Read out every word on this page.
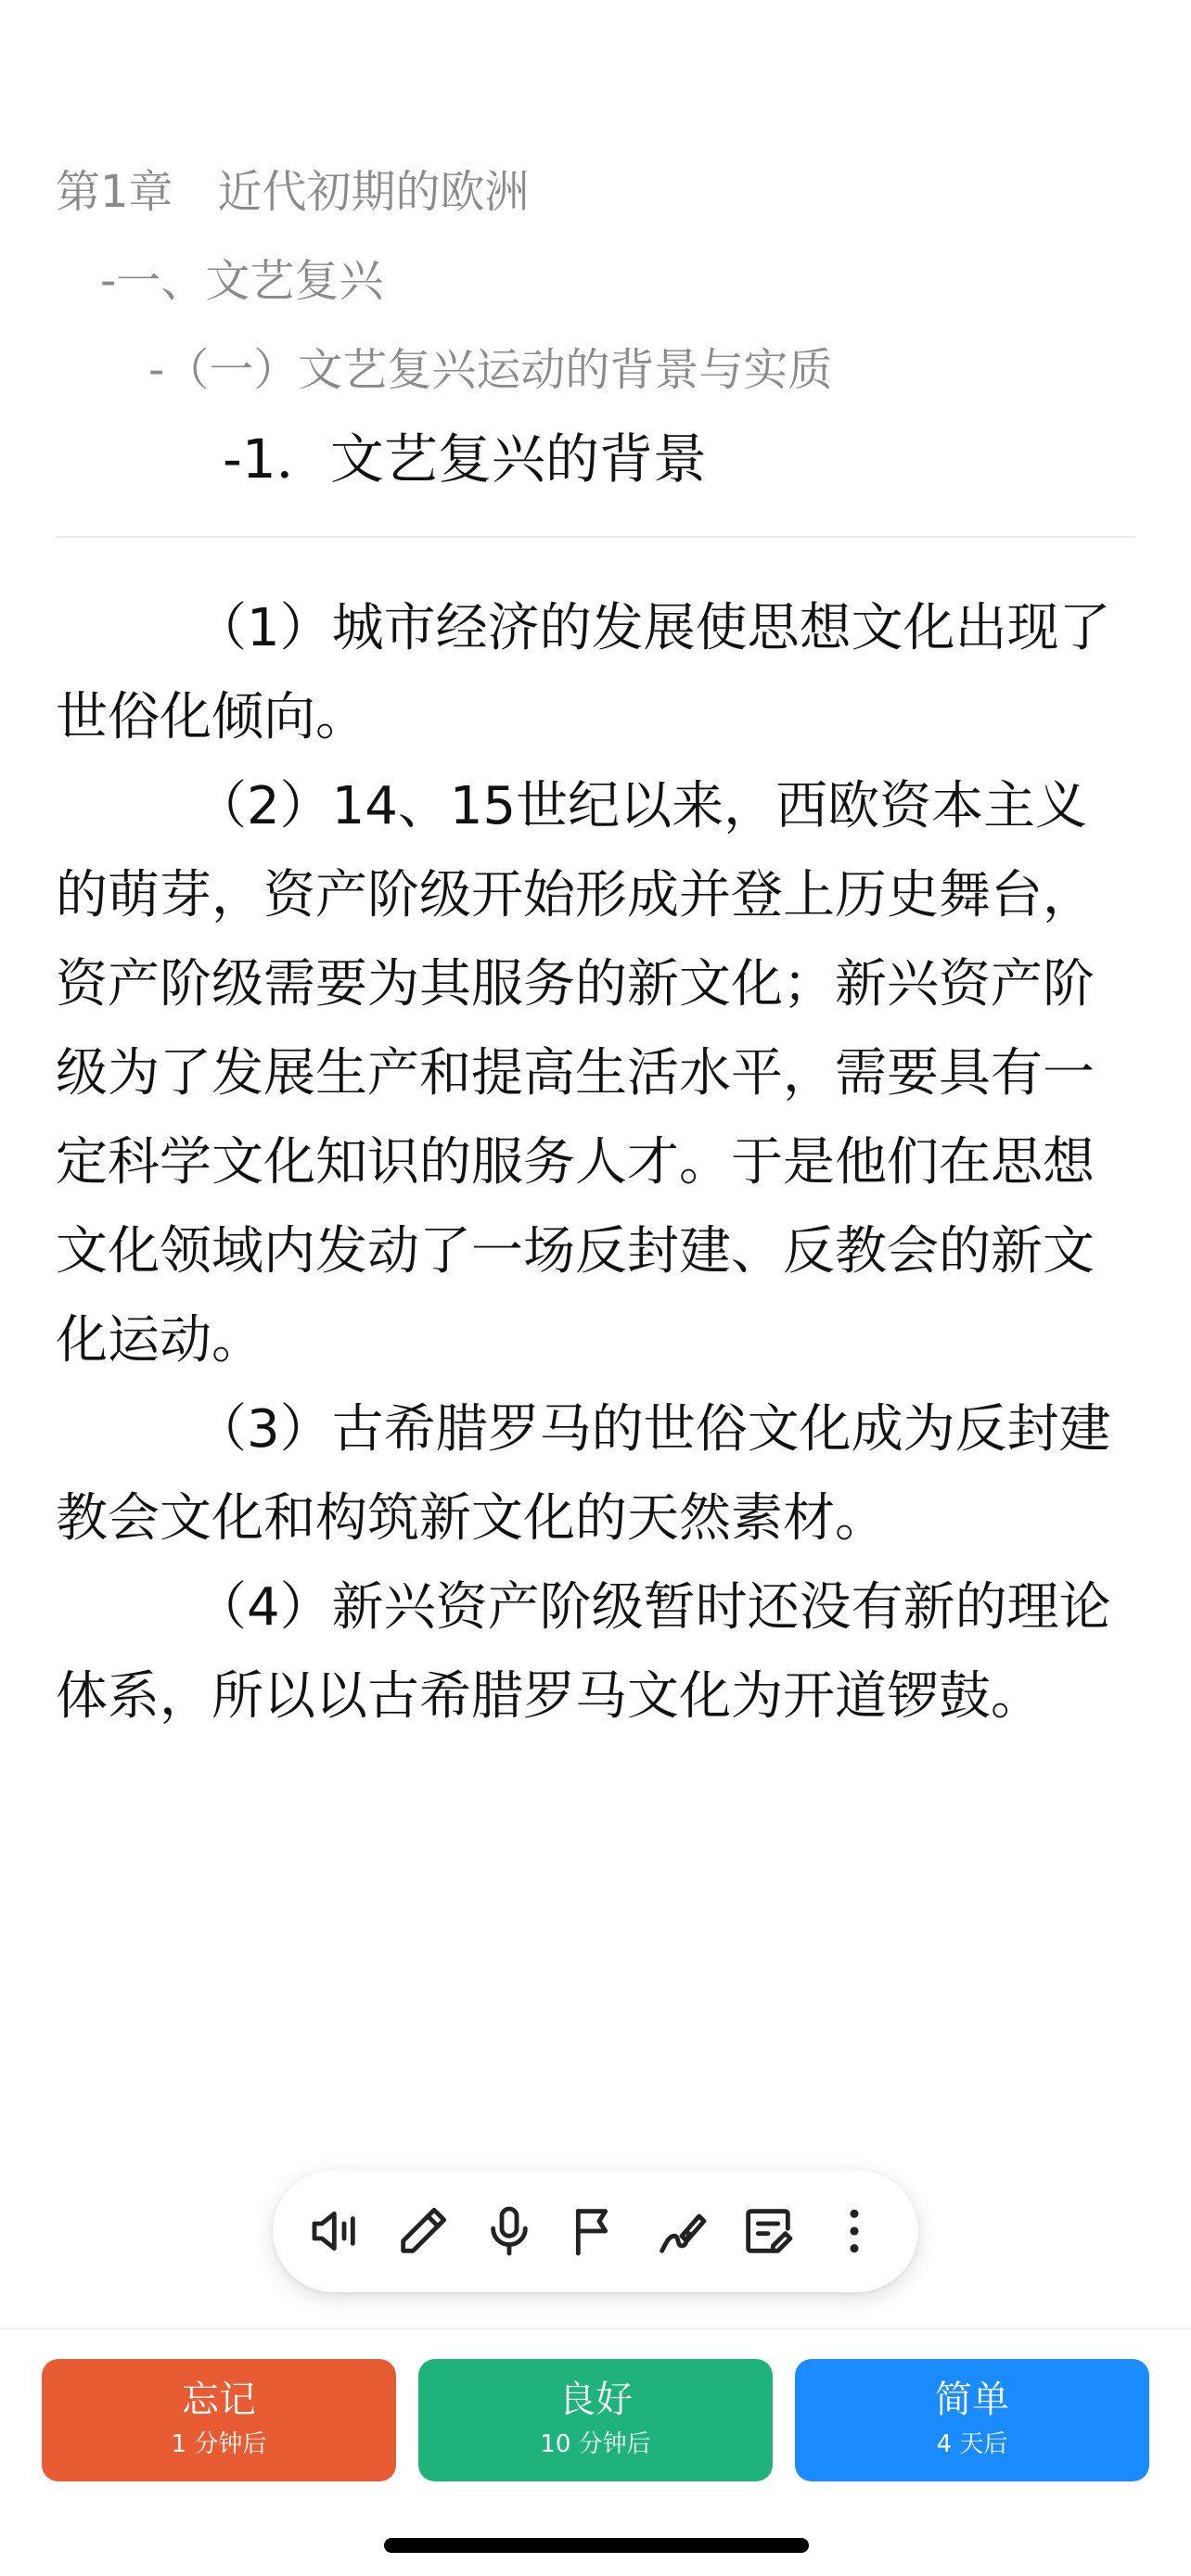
第1章　近代初期的欧洲
-一、文艺复兴
-（一）文艺复兴运动的背景与实质
-1．文艺复兴的背景

（1）城市经济的发展使思想文化出现了世俗化倾向。

（2）14、15世纪以来，西欧资本主义的萌芽，资产阶级开始形成并登上历史舞台，资产阶级需要为其服务的新文化；新兴资产阶级为了发展生产和提高生活水平，需要具有一定科学文化知识的服务人才。于是他们在思想文化领域内发动了一场反封建、反教会的新文化运动。

（3）古希腊罗马的世俗文化成为反封建教会文化和构筑新文化的天然素材。

（4）新兴资产阶级暂时还没有新的理论体系，所以以古希腊罗马文化为开道锣鼓。

忘记
1 分钟后
良好
10 分钟后
简单
4 天后
